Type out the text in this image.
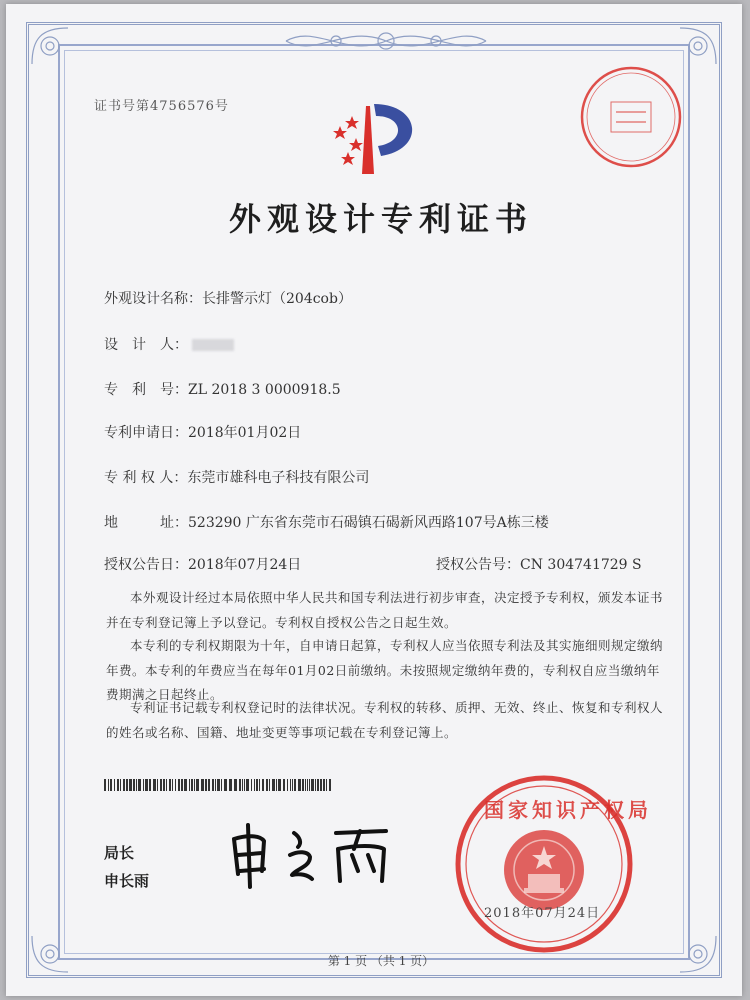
证书号第4756576号
外观设计专利证书
外观设计名称：长排警示灯（204cob）
设　计　人：
专　利　号：ZL 2018 3 0000918.5
专利申请日：2018年01月02日
专 利 权 人：东莞市雄科电子科技有限公司
地　　　址：523290 广东省东莞市石碣镇石碣新风西路107号A栋三楼
授权公告日：2018年07月24日	授权公告号：CN 304741729 S
本外观设计经过本局依照中华人民共和国专利法进行初步审查，决定授予专利权，颁发本证书并在专利登记簿上予以登记。专利权自授权公告之日起生效。
本专利的专利权期限为十年，自申请日起算，专利权人应当依照专利法及其实施细则规定缴纳年费。本专利的年费应当在每年01月02日前缴纳。未按照规定缴纳年费的，专利权自应当缴纳年费期满之日起终止。
专利证书记载专利权登记时的法律状况。专利权的转移、质押、无效、终止、恢复和专利权人的姓名或名称、国籍、地址变更等事项记载在专利登记簿上。
局长
申长雨
国家知识产权局
2018年07月24日
第 1 页 （共 1 页）
